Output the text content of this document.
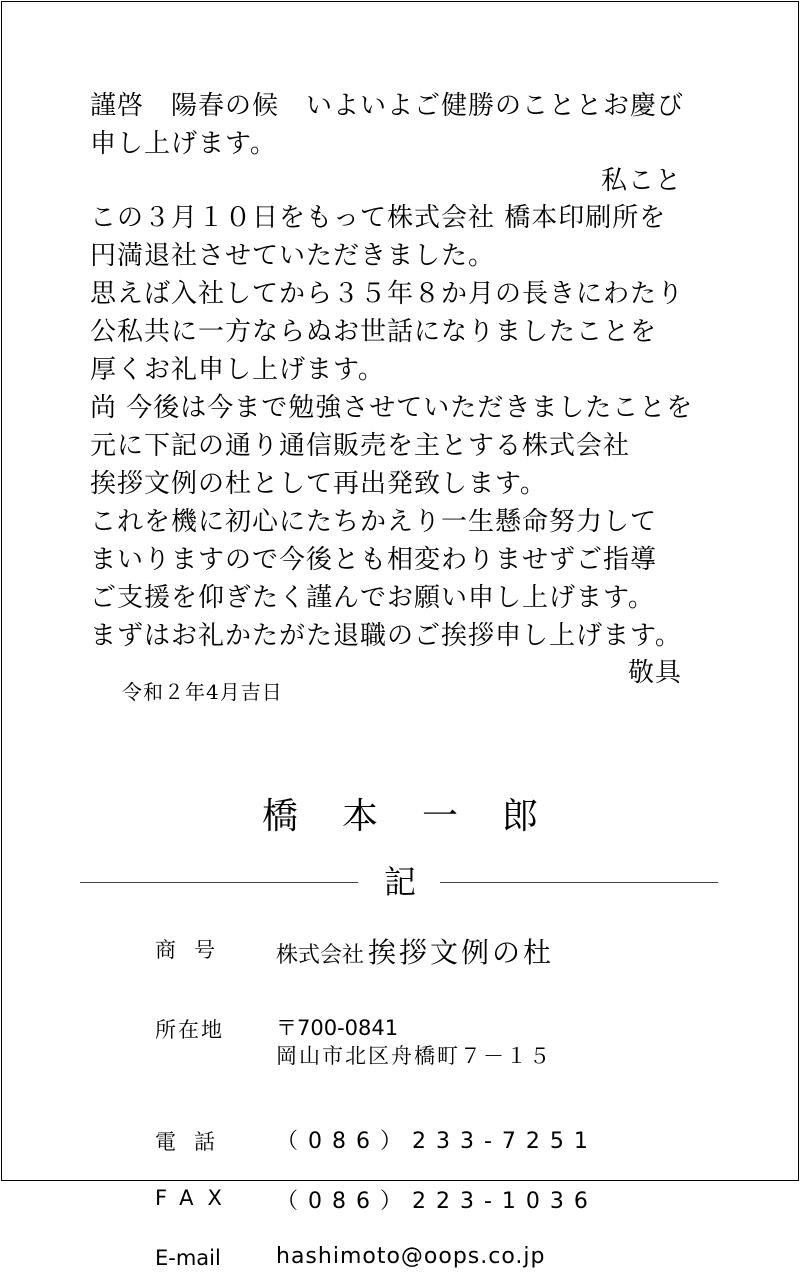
謹啓　陽春の候　いよいよご健勝のこととお慶び
申し上げます。
私こと
この３月１０日をもって株式会社 橋本印刷所を
円満退社させていただきました。
思えば入社してから３５年８か月の長きにわたり
公私共に一方ならぬお世話になりましたことを
厚くお礼申し上げます。
尚 今後は今まで勉強させていただきましたことを
元に下記の通り通信販売を主とする株式会社
挨拶文例の杜として再出発致します。
これを機に初心にたちかえり一生懸命努力して
まいりますので今後とも相変わりませずご指導
ご支援を仰ぎたく謹んでお願い申し上げます。
まずはお礼かたがた退職のご挨拶申し上げます。
敬具
令和２年4月吉日
橋本一郎
記
商号 株式会社 挨拶文例の杜
所在地 〒700-0841
岡山市北区舟橋町７－１５
電話 （086）233-7251
FAX （086）223-1036
E-mail	hashimoto@oops.co.jp
